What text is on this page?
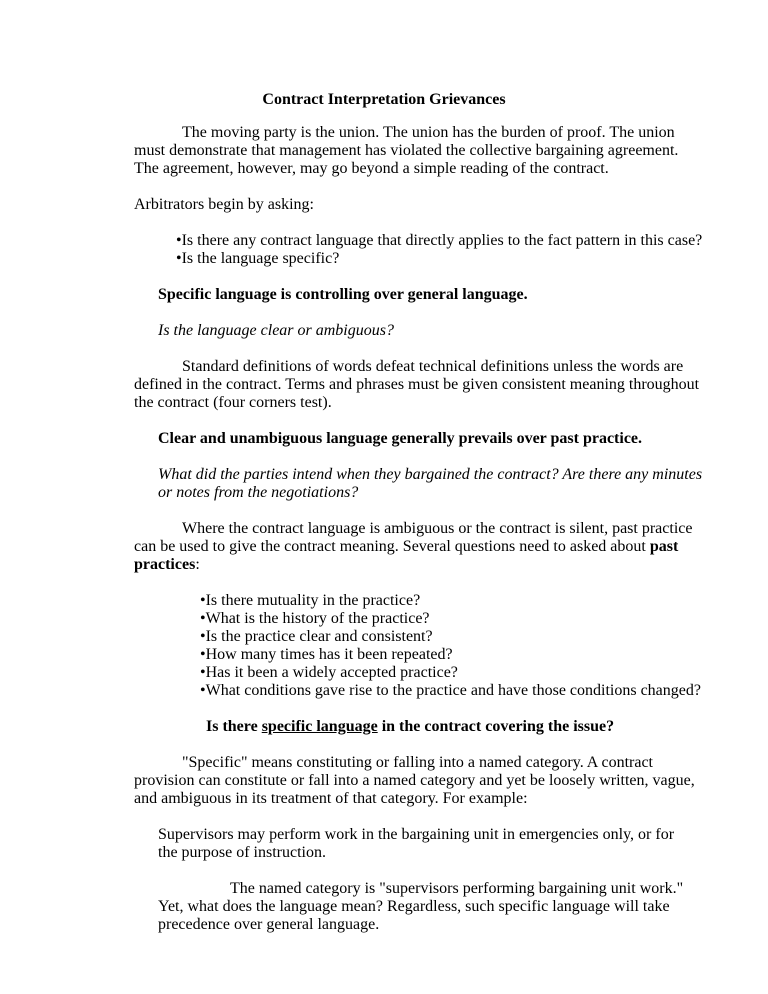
Contract Interpretation Grievances
The moving party is the union. The union has the burden of proof. The union
must demonstrate that management has violated the collective bargaining agreement.
The agreement, however, may go beyond a simple reading of the contract.
Arbitrators begin by asking:
•Is there any contract language that directly applies to the fact pattern in this case?
•Is the language specific?
Specific language is controlling over general language.
Is the language clear or ambiguous?
Standard definitions of words defeat technical definitions unless the words are
defined in the contract. Terms and phrases must be given consistent meaning throughout
the contract (four corners test).
Clear and unambiguous language generally prevails over past practice.
What did the parties intend when they bargained the contract? Are there any minutes
or notes from the negotiations?
Where the contract language is ambiguous or the contract is silent, past practice
can be used to give the contract meaning. Several questions need to asked about past
practices:
•Is there mutuality in the practice?
•What is the history of the practice?
•Is the practice clear and consistent?
•How many times has it been repeated?
•Has it been a widely accepted practice?
•What conditions gave rise to the practice and have those conditions changed?
Is there specific language in the contract covering the issue?
"Specific" means constituting or falling into a named category. A contract
provision can constitute or fall into a named category and yet be loosely written, vague,
and ambiguous in its treatment of that category. For example:
Supervisors may perform work in the bargaining unit in emergencies only, or for
the purpose of instruction.
The named category is "supervisors performing bargaining unit work."
Yet, what does the language mean? Regardless, such specific language will take
precedence over general language.
